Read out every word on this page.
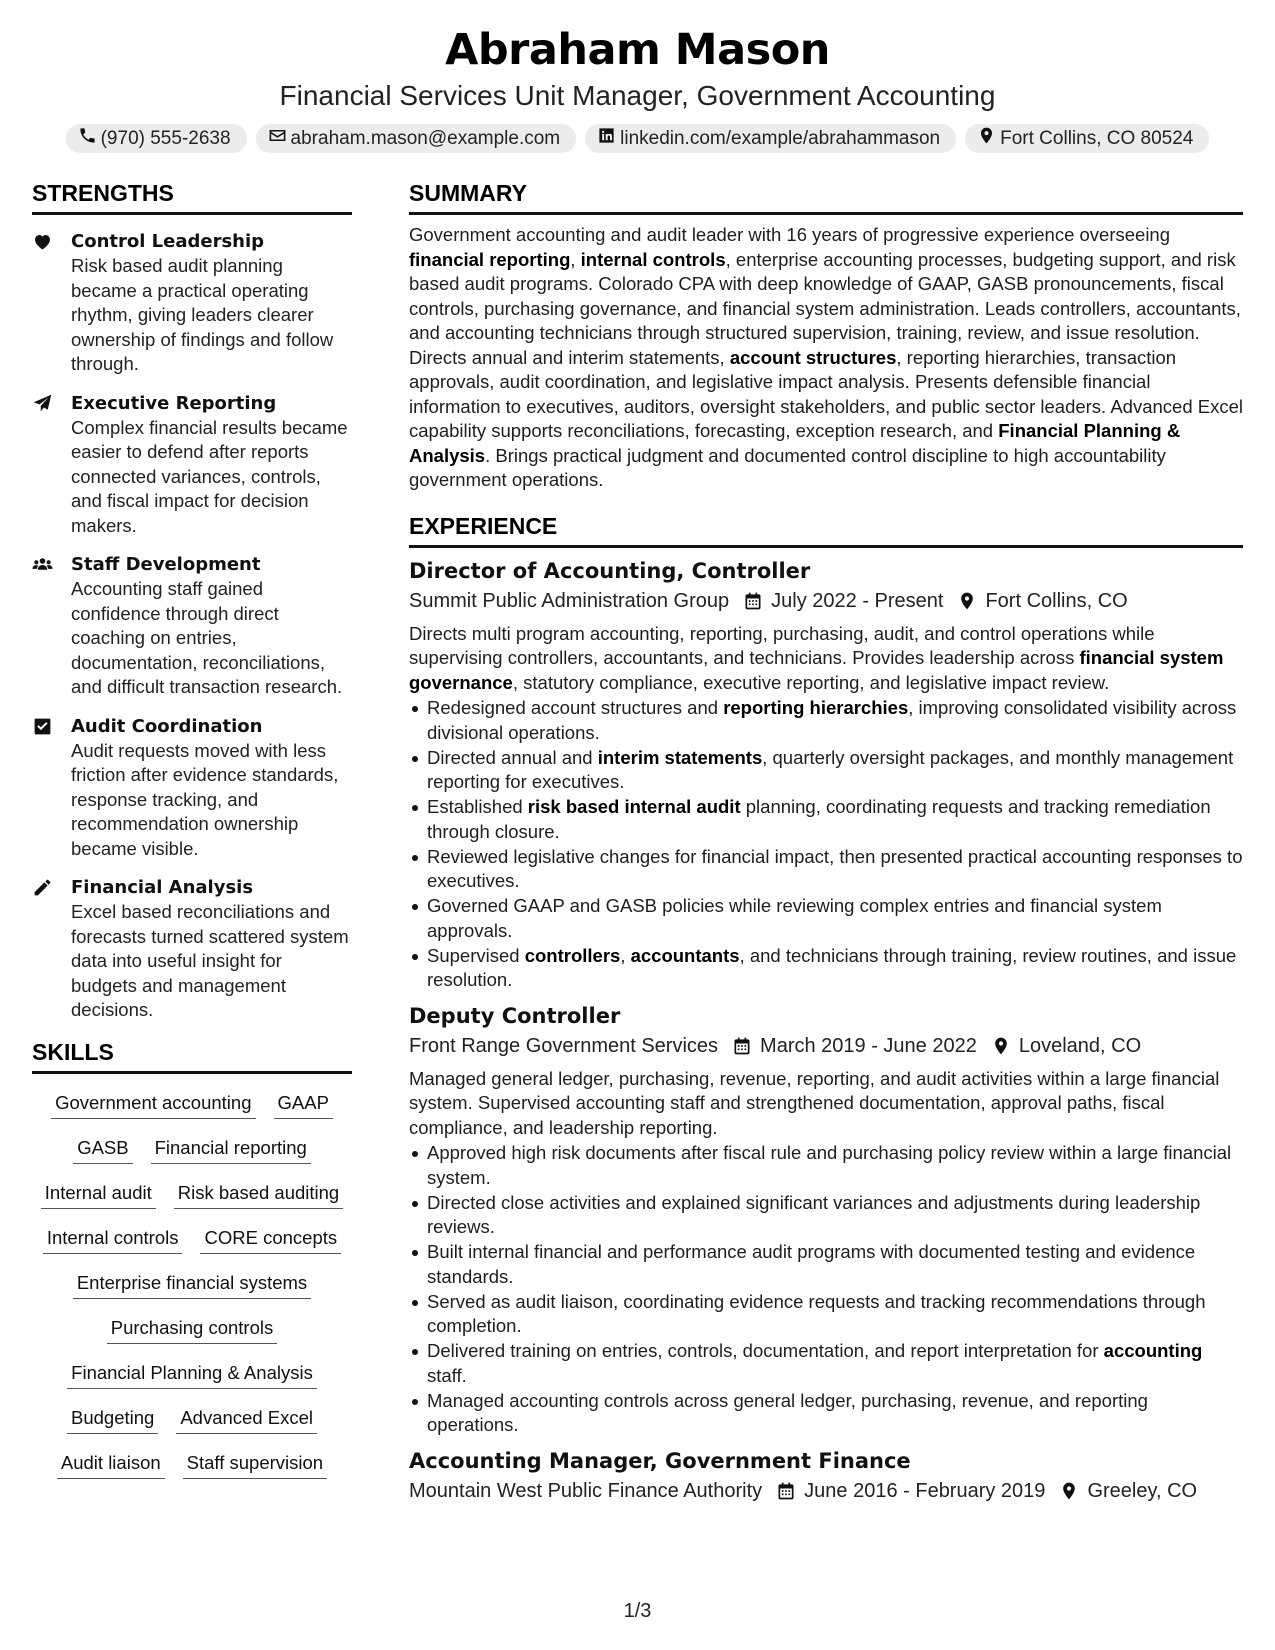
Abraham Mason
Financial Services Unit Manager, Government Accounting
(970) 555-2638	abraham.mason@example.com	linkedin.com/example/abrahammason	Fort Collins, CO 80524
STRENGTHS
Control Leadership
Risk based audit planning became a practical operating rhythm, giving leaders clearer ownership of findings and follow through.
Executive Reporting
Complex financial results became easier to defend after reports connected variances, controls, and fiscal impact for decision makers.
Staff Development
Accounting staff gained confidence through direct coaching on entries, documentation, reconciliations, and difficult transaction research.
Audit Coordination
Audit requests moved with less friction after evidence standards, response tracking, and recommendation ownership became visible.
Financial Analysis
Excel based reconciliations and forecasts turned scattered system data into useful insight for budgets and management decisions.
SKILLS
Government accounting GAAP
GASB Financial reporting
Internal audit Risk based auditing
Internal controls CORE concepts
Enterprise financial systems
Purchasing controls
Financial Planning & Analysis
Budgeting Advanced Excel
Audit liaison Staff supervision
SUMMARY
Government accounting and audit leader with 16 years of progressive experience overseeing financial reporting, internal controls, enterprise accounting processes, budgeting support, and risk based audit programs. Colorado CPA with deep knowledge of GAAP, GASB pronouncements, fiscal controls, purchasing governance, and financial system administration. Leads controllers, accountants, and accounting technicians through structured supervision, training, review, and issue resolution. Directs annual and interim statements, account structures, reporting hierarchies, transaction approvals, audit coordination, and legislative impact analysis. Presents defensible financial information to executives, auditors, oversight stakeholders, and public sector leaders. Advanced Excel capability supports reconciliations, forecasting, exception research, and Financial Planning & Analysis. Brings practical judgment and documented control discipline to high accountability government operations.
EXPERIENCE
Director of Accounting, Controller
Summit Public Administration Group July 2022 - Present Fort Collins, CO
Directs multi program accounting, reporting, purchasing, audit, and control operations while supervising controllers, accountants, and technicians. Provides leadership across financial system governance, statutory compliance, executive reporting, and legislative impact review.
Redesigned account structures and reporting hierarchies, improving consolidated visibility across divisional operations.
Directed annual and interim statements, quarterly oversight packages, and monthly management reporting for executives.
Established risk based internal audit planning, coordinating requests and tracking remediation through closure.
Reviewed legislative changes for financial impact, then presented practical accounting responses to executives.
Governed GAAP and GASB policies while reviewing complex entries and financial system approvals.
Supervised controllers, accountants, and technicians through training, review routines, and issue resolution.
Deputy Controller
Front Range Government Services March 2019 - June 2022 Loveland, CO
Managed general ledger, purchasing, revenue, reporting, and audit activities within a large financial system. Supervised accounting staff and strengthened documentation, approval paths, fiscal compliance, and leadership reporting.
Approved high risk documents after fiscal rule and purchasing policy review within a large financial system.
Directed close activities and explained significant variances and adjustments during leadership reviews.
Built internal financial and performance audit programs with documented testing and evidence standards.
Served as audit liaison, coordinating evidence requests and tracking recommendations through completion.
Delivered training on entries, controls, documentation, and report interpretation for accounting staff.
Managed accounting controls across general ledger, purchasing, revenue, and reporting operations.
Accounting Manager, Government Finance
Mountain West Public Finance Authority June 2016 - February 2019 Greeley, CO
1/3
